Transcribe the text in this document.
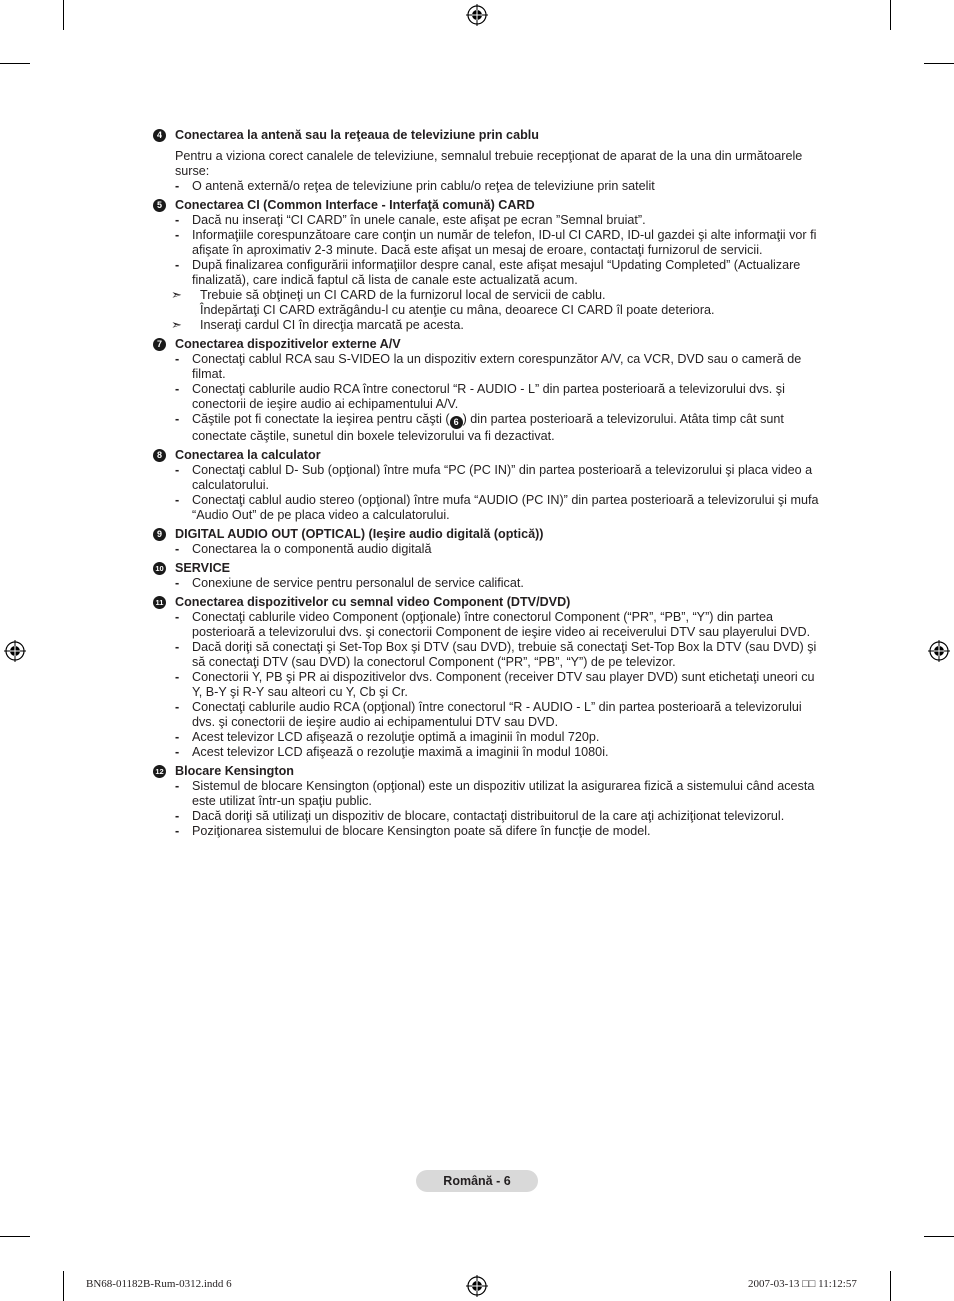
4	Conectarea la antenă sau la reţeaua de televiziune prin cablu
Pentru a viziona corect canalele de televiziune, semnalul trebuie recepţionat de aparat de la una din următoarele surse:
-	O antenă externă/o reţea de televiziune prin cablu/o reţea de televiziune prin satelit
5	Conectarea CI (Common Interface - Interfaţă comună) CARD
-	Dacă nu inseraţi “CI CARD” în unele canale, este afişat pe ecran ”Semnal bruiat”.
-	Informaţiile corespunzătoare care conţin un număr de telefon, ID-ul CI CARD, ID-ul gazdei şi alte informaţii vor fi afişate în aproximativ 2-3 minute. Dacă este afişat un mesaj de eroare, contactaţi furnizorul de servicii.
-	După finalizarea configurării informaţiilor despre canal, este afişat mesajul “Updating Completed” (Actualizare finalizată), care indică faptul că lista de canale este actualizată acum.
➣	Trebuie să obţineţi un CI CARD de la furnizorul local de servicii de cablu.
Îndepărtaţi CI CARD extrăgându-l cu atenţie cu mâna, deoarece CI CARD îl poate deteriora.
➣	Inseraţi cardul CI în direcţia marcată pe acesta.
7	Conectarea dispozitivelor externe A/V
-	Conectaţi cablul RCA sau S-VIDEO la un dispozitiv extern corespunzător A/V, ca VCR, DVD sau o cameră de filmat.
-	Conectaţi cablurile audio RCA între conectorul “R - AUDIO - L” din partea posterioară a televizorului dvs. şi conectorii de ieşire audio ai echipamentului A/V.
-	Căştile pot fi conectate la ieşirea pentru căşti ( 6 ) din partea posterioară a televizorului. Atâta timp cât sunt conectate căştile, sunetul din boxele televizorului va fi dezactivat.
8	Conectarea la calculator
-	Conectaţi cablul D- Sub (opţional) între mufa “PC (PC IN)” din partea posterioară a televizorului şi placa video a calculatorului.
-	Conectaţi cablul audio stereo (opţional) între mufa “AUDIO (PC IN)” din partea posterioară a televizorului şi mufa “Audio Out” de pe placa video a calculatorului.
9	DIGITAL AUDIO OUT (OPTICAL) (Ieşire audio digitală (optică))
-	Conectarea la o componentă audio digitală
10 SERVICE
-	Conexiune de service pentru personalul de service calificat.
11 Conectarea dispozitivelor cu semnal video Component (DTV/DVD)
-	Conectaţi cablurile video Component (opţionale) între conectorul Component (“PR”, “PB”, “Y”) din partea posterioară a televizorului dvs. şi conectorii Component de ieşire video ai receiverului DTV sau playerului DVD.
-	Dacă doriţi să conectaţi şi Set-Top Box şi DTV (sau DVD), trebuie să conectaţi Set-Top Box la DTV (sau DVD) şi să conectaţi DTV (sau DVD) la conectorul Component (“PR”, “PB”, “Y”) de pe televizor.
-	Conectorii Y, PB şi PR ai dispozitivelor dvs. Component (receiver DTV sau player DVD) sunt etichetaţi uneori cu Y, B-Y şi R-Y sau alteori cu Y, Cb şi Cr.
-	Conectaţi cablurile audio RCA (opţional) între conectorul “R - AUDIO - L” din partea posterioară a televizorului dvs. şi conectorii de ieşire audio ai echipamentului DTV sau DVD.
-	Acest televizor LCD afişează o rezoluţie optimă a imaginii în modul 720p.
-	Acest televizor LCD afişează o rezoluţie maximă a imaginii în modul 1080i.
12 Blocare Kensington
-	Sistemul de blocare Kensington (opţional) este un dispozitiv utilizat la asigurarea fizică a sistemului când acesta este utilizat într-un spaţiu public.
-	Dacă doriţi să utilizaţi un dispozitiv de blocare, contactaţi distribuitorul de la care aţi achiziţionat televizorul.
-	Poziţionarea sistemului de blocare Kensington poate să difere în funcţie de model.
Română - 6
BN68-01182B-Rum-0312.indd 6	2007-03-13 □□ 11:12:57
